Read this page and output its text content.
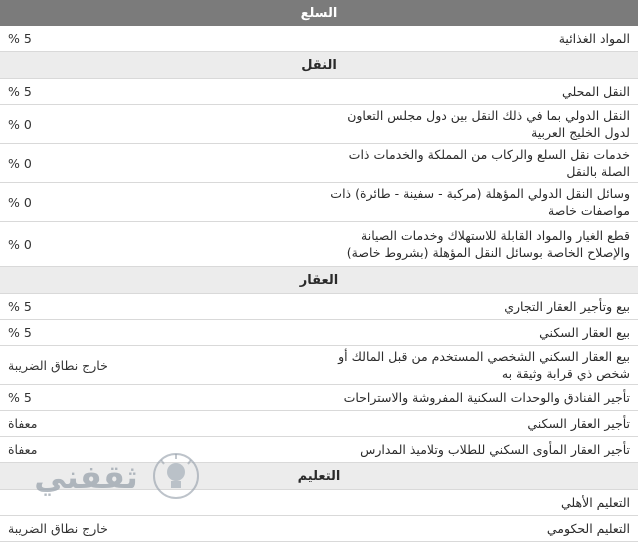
السلع	
المواد الغذائية	5 %
النقل	
النقل المحلي	5 %
النقل الدولي بما في ذلك النقل بين دول مجلس التعاون لدول الخليج العربية	0 %
خدمات نقل السلع والركاب من المملكة والخدمات ذات الصلة بالنقل	0 %
وسائل النقل الدولي المؤهلة (مركبة - سفينة - طائرة) ذات مواصفات خاصة	0 %
قطع الغيار والمواد القابلة للاستهلاك وخدمات الصيانة والإصلاح الخاصة بوسائل النقل المؤهلة (بشروط خاصة)	0 %
العقار	
بيع وتأجير العقار التجاري	5 %
بيع العقار السكني	5 %
بيع العقار السكني الشخصي المستخدم من قبل المالك أو شخص ذي قرابة وثيقة به	خارج نطاق الضريبة
تأجير الفنادق والوحدات السكنية المفروشة والاستراحات	5 %
تأجير العقار السكني	معفاة
تأجير العقار المأوى السكني للطلاب وتلاميذ المدارس	معفاة
التعليم	
التعليم الأهلي	
التعليم الحكومي	خارج نطاق الضريبة
ثقفني
